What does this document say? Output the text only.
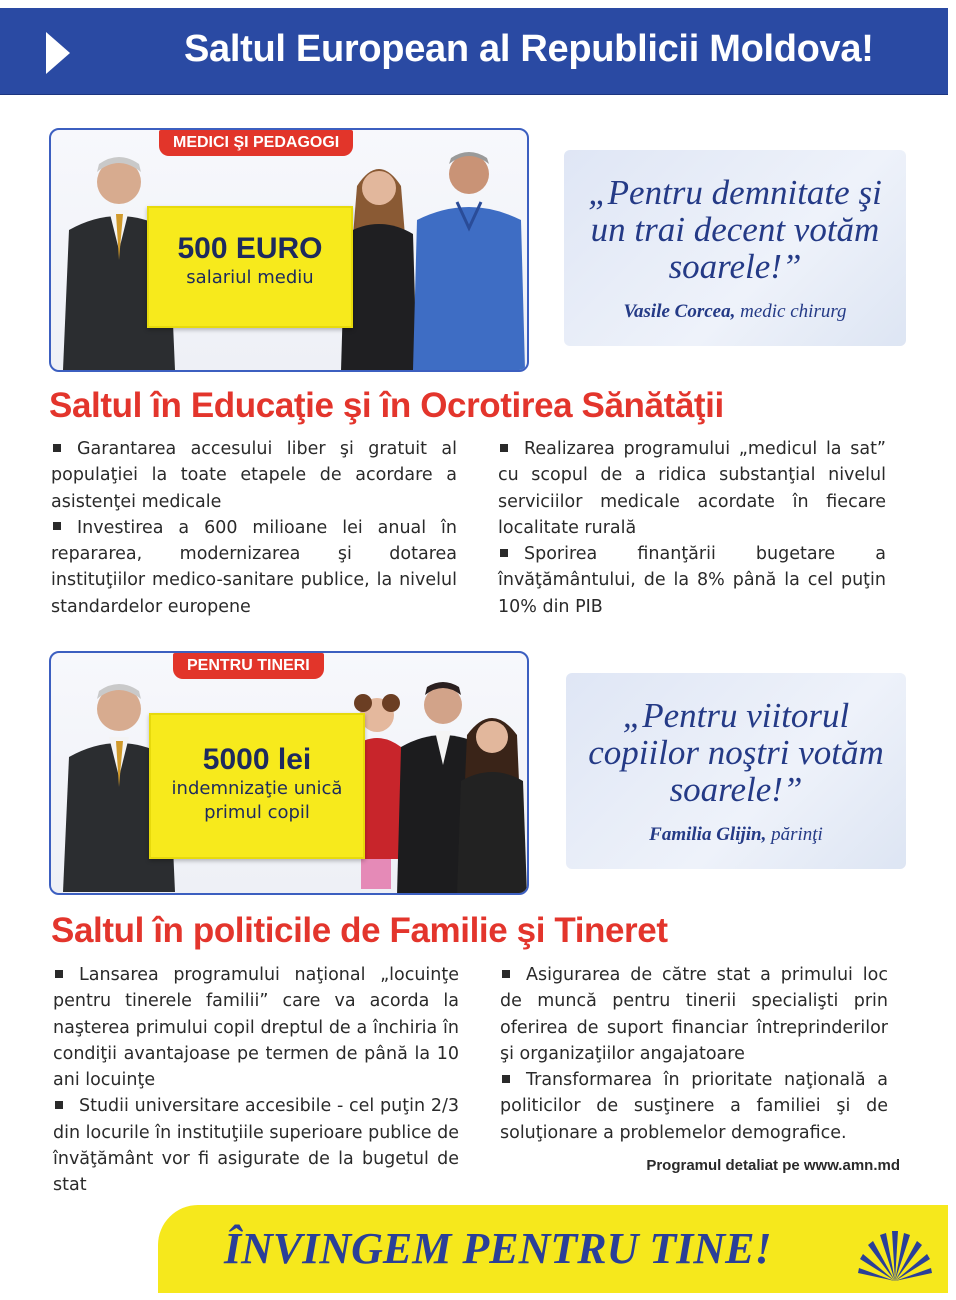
Saltul European al Republicii Moldova!
MEDICI ŞI PEDAGOGI
500 EURO
salariul mediu
„Pentru demnitate şi un trai decent votăm soarele!”
Vasile Corcea, medic chirurg
Saltul în Educaţie şi în Ocrotirea Sănătăţii

Garantarea accesului liber şi gratuit al populaţiei la toate etapele de acordare a asistenţei medicale

Investirea a 600 milioane lei anual în repararea, modernizarea şi dotarea instituţiilor medico-sanitare publice, la nivelul standardelor europene

Realizarea programului „medicul la sat” cu scopul de a ridica substanţial nivelul serviciilor medicale acordate în fiecare localitate rurală

Sporirea finanţării bugetare a învăţământului, de la 8% până la cel puţin 10% din PIB

PENTRU TINERI
5000 lei
indemnizaţie unică
primul copil
„Pentru viitorul copiilor noştri votăm soarele!”
Familia Glijin, părinţi
Saltul în politicile de Familie şi Tineret

Lansarea programului naţional „locuinţe pentru tinerele familii” care va acorda la naşterea primului copil dreptul de a închiria în condiţii avantajoase pe termen de până la 10 ani locuinţe

Studii universitare accesibile - cel puţin 2/3 din locurile în instituţiile superioare publice de învăţământ vor fi asigurate de la bugetul de stat

Asigurarea de către stat a primului loc de muncă pentru tinerii specialişti prin oferirea de suport financiar întreprinderilor şi organizaţiilor angajatoare

Transformarea în prioritate naţională a politicilor de susţinere a familiei şi de soluţionare a problemelor demografice.

Programul detaliat pe www.amn.md
ÎNVINGEM PENTRU TINE!
